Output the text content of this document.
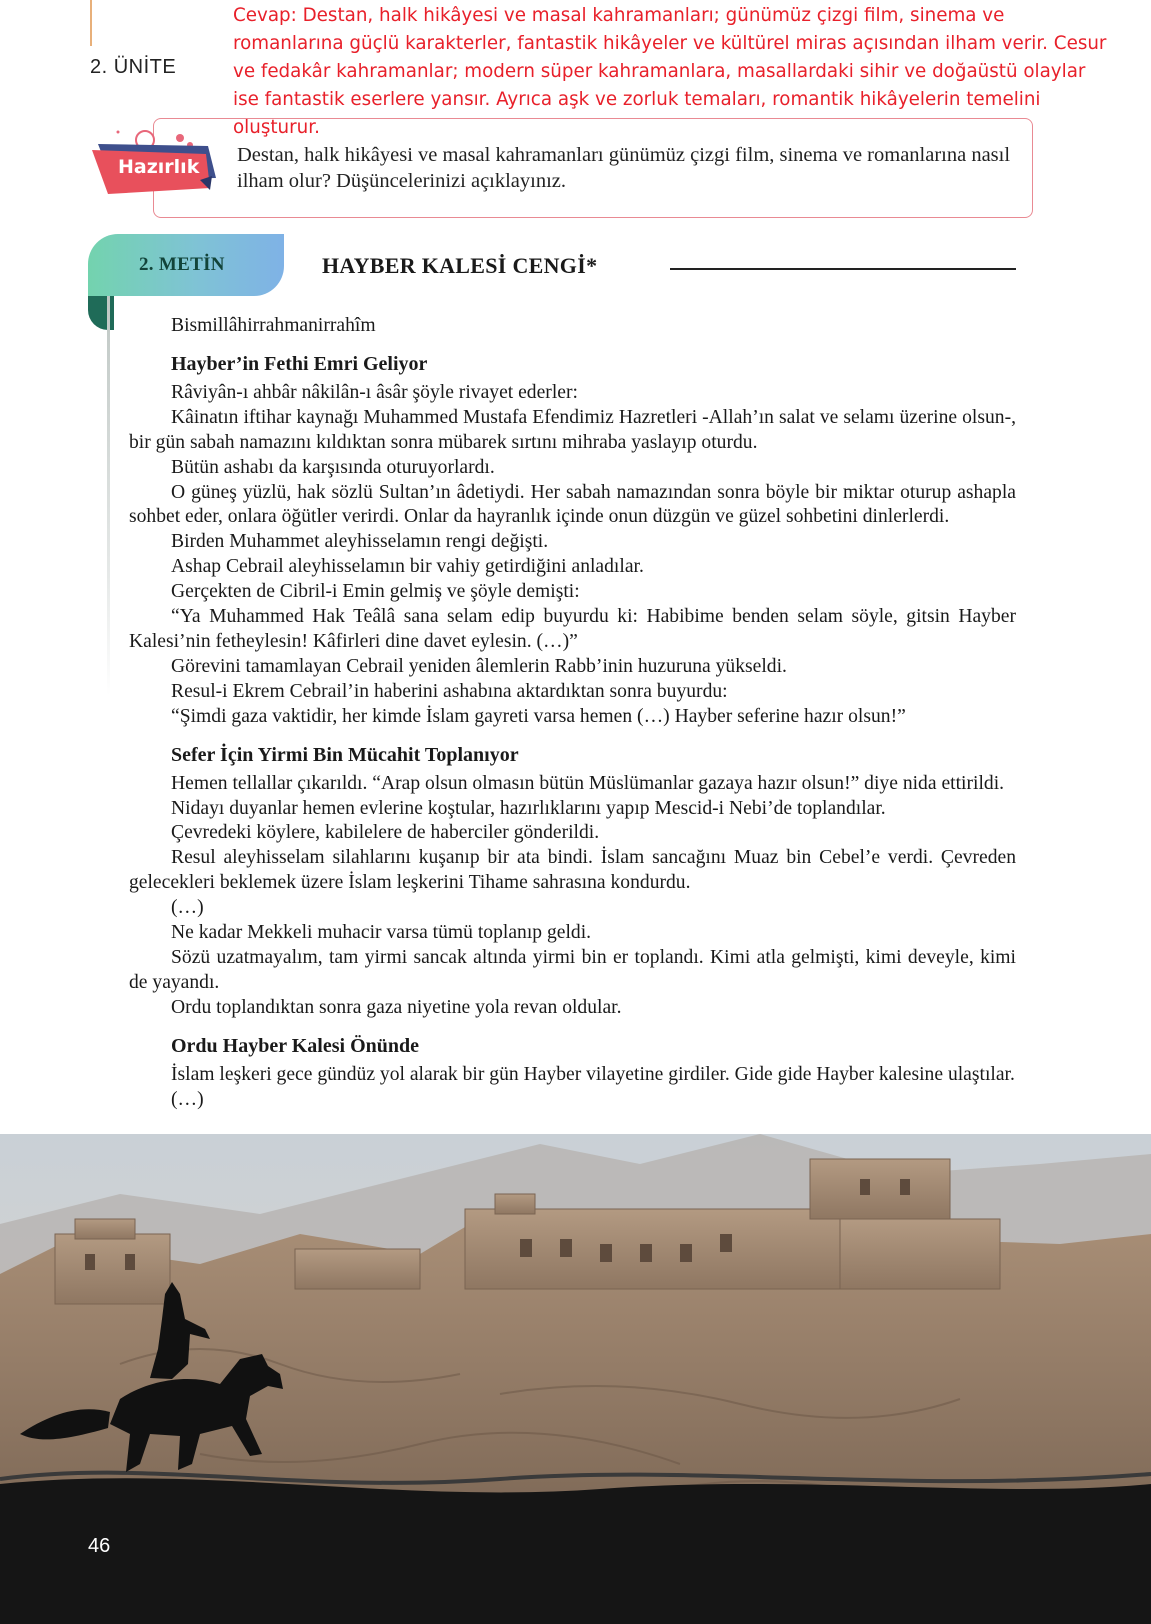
2. ÜNİTE
Cevap: Destan, halk hikâyesi ve masal kahramanları; günümüz çizgi film, sinema ve romanlarına güçlü karakterler, fantastik hikâyeler ve kültürel miras açısından ilham verir. Cesur ve fedakâr kahramanlar; modern süper kahramanlara, masallardaki sihir ve doğaüstü olaylar ise fantastik eserlere yansır. Ayrıca aşk ve zorluk temaları, romantik hikâyelerin temelini oluşturur.
Hazırlık
Destan, halk hikâyesi ve masal kahramanları günümüz çizgi film, sinema ve romanlarına nasıl ilham olur? Düşüncelerinizi açıklayınız.
2. METİN	HAYBER KALESİ CENGİ*

Bismillâhirrahmanirrahîm

Hayber’in Fethi Emri Geliyor

Râviyân-ı ahbâr nâkilân-ı âsâr şöyle rivayet ederler:

Kâinatın iftihar kaynağı Muhammed Mustafa Efendimiz Hazretleri -Allah’ın salat ve selamı üzerine olsun-, bir gün sabah namazını kıldıktan sonra mübarek sırtını mihraba yaslayıp oturdu.

Bütün ashabı da karşısında oturuyorlardı.

O güneş yüzlü, hak sözlü Sultan’ın âdetiydi. Her sabah namazından sonra böyle bir miktar oturup ashapla sohbet eder, onlara öğütler verirdi. Onlar da hayranlık içinde onun düzgün ve güzel sohbetini dinlerlerdi.

Birden Muhammet aleyhisselamın rengi değişti.

Ashap Cebrail aleyhisselamın bir vahiy getirdiğini anladılar.

Gerçekten de Cibril-i Emin gelmiş ve şöyle demişti:

“Ya Muhammed Hak Teâlâ sana selam edip buyurdu ki: Habibime benden selam söyle, gitsin Hayber Kalesi’nin fetheylesin! Kâfirleri dine davet eylesin. (…)”

Görevini tamamlayan Cebrail yeniden âlemlerin Rabb’inin huzuruna yükseldi.

Resul-i Ekrem Cebrail’in haberini ashabına aktardıktan sonra buyurdu:

“Şimdi gaza vaktidir, her kimde İslam gayreti varsa hemen (…) Hayber seferine hazır olsun!”

Sefer İçin Yirmi Bin Mücahit Toplanıyor

Hemen tellallar çıkarıldı. “Arap olsun olmasın bütün Müslümanlar gazaya hazır olsun!” diye nida ettirildi.

Nidayı duyanlar hemen evlerine koştular, hazırlıklarını yapıp Mescid-i Nebi’de toplandılar.

Çevredeki köylere, kabilelere de haberciler gönderildi.

Resul aleyhisselam silahlarını kuşanıp bir ata bindi. İslam sancağını Muaz bin Cebel’e verdi. Çevreden gelecekleri beklemek üzere İslam leşkerini Tihame sahrasına kondurdu.

(…)

Ne kadar Mekkeli muhacir varsa tümü toplanıp geldi.

Sözü uzatmayalım, tam yirmi sancak altında yirmi bin er toplandı. Kimi atla gelmişti, kimi deveyle, kimi de yayandı.

Ordu toplandıktan sonra gaza niyetine yola revan oldular.

Ordu Hayber Kalesi Önünde

İslam leşkeri gece gündüz yol alarak bir gün Hayber vilayetine girdiler. Gide gide Hayber kalesine ulaştılar.

(…)

46
